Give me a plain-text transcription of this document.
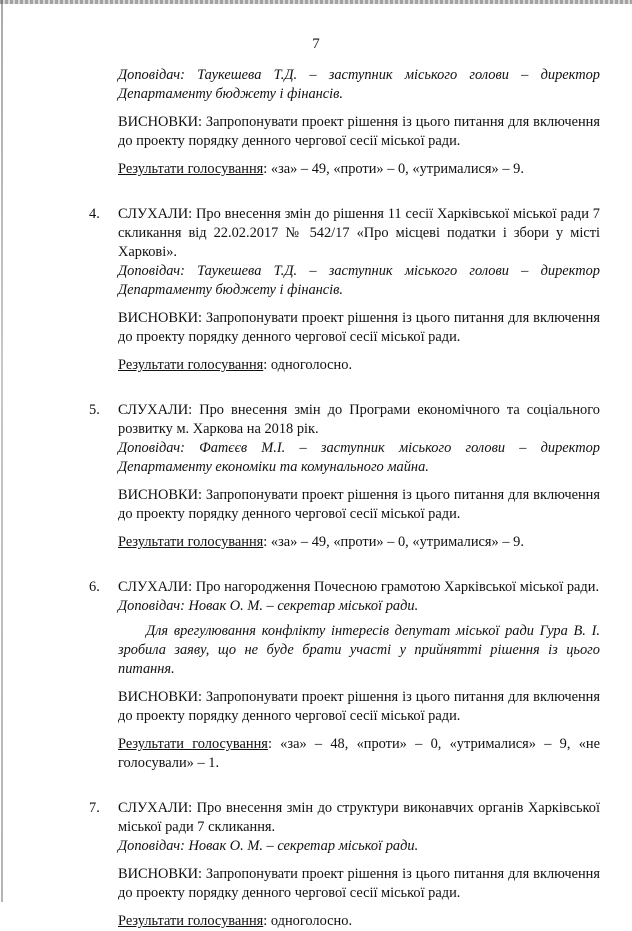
7

Доповідач: Таукешева Т.Д. – заступник міського голови – директор Департаменту бюджету і фінансів.

ВИСНОВКИ: Запропонувати проект рішення із цього питання для включення до проекту порядку денного чергової сесії міської ради.

Результати голосування: «за» – 49, «проти» – 0, «утрималися» – 9.

4. СЛУХАЛИ: Про внесення змін до рішення 11 сесії Харківської міської ради 7 скликання від 22.02.2017 № 542/17 «Про місцеві податки і збори у місті Харкові».

Доповідач: Таукешева Т.Д. – заступник міського голови – директор Департаменту бюджету і фінансів.

ВИСНОВКИ: Запропонувати проект рішення із цього питання для включення до проекту порядку денного чергової сесії міської ради.

Результати голосування: одноголосно.

5. СЛУХАЛИ: Про внесення змін до Програми економічного та соціального розвитку м. Харкова на 2018 рік.

Доповідач: Фатєєв М.І. – заступник міського голови – директор Департаменту економіки та комунального майна.

ВИСНОВКИ: Запропонувати проект рішення із цього питання для включення до проекту порядку денного чергової сесії міської ради.

Результати голосування: «за» – 49, «проти» – 0, «утрималися» – 9.

6. СЛУХАЛИ: Про нагородження Почесною грамотою Харківської міської ради.

Доповідач: Новак О. М. – секретар міської ради.

Для врегулювання конфлікту інтересів депутат міської ради Гура В. І. зробила заяву, що не буде брати участі у прийнятті рішення із цього питання.

ВИСНОВКИ: Запропонувати проект рішення із цього питання для включення до проекту порядку денного чергової сесії міської ради.

Результати голосування: «за» – 48, «проти» – 0, «утрималися» – 9, «не голосували» – 1.

7. СЛУХАЛИ: Про внесення змін до структури виконавчих органів Харківської міської ради 7 скликання.

Доповідач: Новак О. М. – секретар міської ради.

ВИСНОВКИ: Запропонувати проект рішення із цього питання для включення до проекту порядку денного чергової сесії міської ради.

Результати голосування: одноголосно.
